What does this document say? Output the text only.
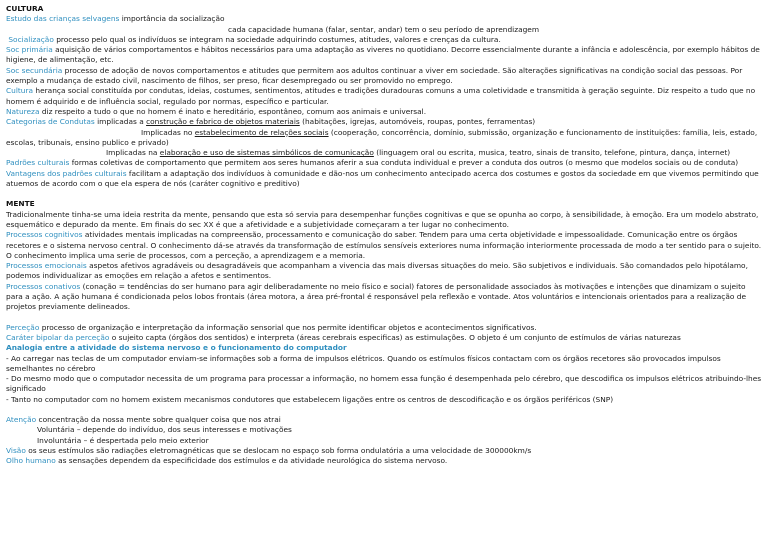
CULTURA

Estudo das crianças selvagens importância da socialização

cada capacidade humana (falar, sentar, andar) tem o seu período de aprendizagem

Socialização processo pelo qual os indivíduos se integram na sociedade adquirindo costumes, atitudes, valores e crenças da cultura.

Soc primária aquisição de vários comportamentos e hábitos necessários para uma adaptação as viveres no quotidiano. Decorre essencialmente durante a infância e adolescência, por exemplo hábitos de higiene, de alimentação, etc.

Soc secundária processo de adoção de novos comportamentos e atitudes que permitem aos adultos continuar a viver em sociedade. São alterações significativas na condição social das pessoas. Por exemplo a mudança de estado civil, nascimento de filhos, ser preso, ficar desempregado ou ser promovido no emprego.

Cultura herança social constituída por condutas, ideias, costumes, sentimentos, atitudes e tradições duradouras comuns a uma coletividade e transmitida à geração seguinte. Diz respeito a tudo que no homem é adquirido e de influência social, regulado por normas, específico e particular.

Natureza diz respeito a tudo o que no homem é inato e hereditário, espontâneo, comum aos animais e universal.

Categorias de Condutas implicadas a construção e fabrico de objetos materiais (habitações, igrejas, automóveis, roupas, pontes, ferramentas)

Implicadas no estabelecimento de relações sociais (cooperação, concorrência, domínio, submissão, organização e funcionamento de instituições: família, leis, estado, escolas, tribunais, ensino publico e privado)

Implicadas na elaboração e uso de sistemas simbólicos de comunicação (linguagem oral ou escrita, musica, teatro, sinais de transito, telefone, pintura, dança, internet)

Padrões culturais formas coletivas de comportamento que permitem aos seres humanos aferir a sua conduta individual e prever a conduta dos outros (o mesmo que modelos sociais ou de conduta)

Vantagens dos padrões culturais facilitam a adaptação dos indivíduos à comunidade e dão-nos um conhecimento antecipado acerca dos costumes e gostos da sociedade em que vivemos permitindo que atuemos de acordo com o que ela espera de nós (caráter cognitivo e preditivo)

MENTE

Tradicionalmente tinha-se uma ideia restrita da mente, pensando que esta só servia para desempenhar funções cognitivas e que se opunha ao corpo, à sensibilidade, à emoção. Era um modelo abstrato, esquemático e depurado da mente. Em finais do sec XX é que a afetividade e a subjetividade começaram a ter lugar no conhecimento.

Processos cognitivos atividades mentais implicadas na compreensão, processamento e comunicação do saber. Tendem para uma certa objetividade e impessoalidade. Comunicação entre os órgãos recetores e o sistema nervoso central. O conhecimento dá-se através da transformação de estímulos sensíveis exteriores numa informação interiormente processada de modo a ter sentido para o sujeito. O conhecimento implica uma serie de processos, com a perceção, a aprendizagem e a memoria.

Processos emocionais aspetos afetivos agradáveis ou desagradáveis que acompanham a vivencia das mais diversas situações do meio. São subjetivos e individuais. São comandados pelo hipotálamo, podemos individualizar as emoções em relação a afetos e sentimentos.

Processos conativos (conação = tendências do ser humano para agir deliberadamente no meio físico e social) fatores de personalidade associados às motivações e intenções que dinamizam o sujeito para a ação. A ação humana é condicionada pelos lobos frontais (área motora, a área pré-frontal é responsável pela reflexão e vontade. Atos voluntários e intencionais orientados para a realização de projetos previamente delineados.

Perceção processo de organização e interpretação da informação sensorial que nos permite identificar objetos e acontecimentos significativos.

Caráter bipolar da perceção o sujeito capta (órgãos dos sentidos) e interpreta (áreas cerebrais especificas) as estimulações. O objeto é um conjunto de estímulos de várias naturezas

Analogia entre a atividade do sistema nervoso e o funcionamento do computador

- Ao carregar nas teclas de um computador enviam-se informações sob a forma de impulsos elétricos. Quando os estímulos físicos contactam com os órgãos recetores são provocados impulsos semelhantes no cérebro

- Do mesmo modo que o computador necessita de um programa para processar a informação, no homem essa função é desempenhada pelo cérebro, que descodifica os impulsos elétricos atribuindo-lhes significado

- Tanto no computador com no homem existem mecanismos condutores que estabelecem ligações entre os centros de descodificação e os órgãos periféricos (SNP)

Atenção concentração da nossa mente sobre qualquer coisa que nos atrai

Voluntária – depende do indivíduo, dos seus interesses e motivações

Involuntária – é despertada pelo meio exterior

Visão os seus estímulos são radiações eletromagnéticas que se deslocam no espaço sob forma ondulatória a uma velocidade de 300000km/s

Olho humano as sensações dependem da especificidade dos estímulos e da atividade neurológica do sistema nervoso.
